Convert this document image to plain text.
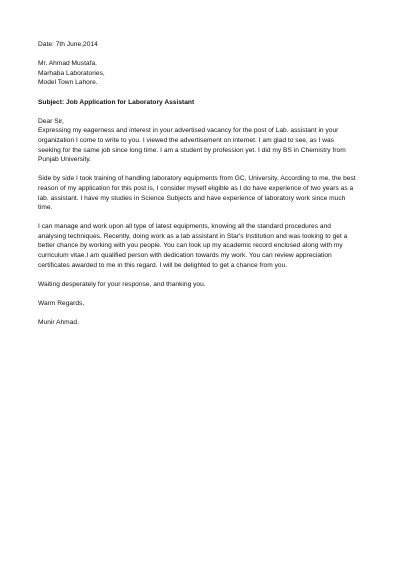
Date: 7th June,2014
Mr. Ahmad Mustafa.
Marhaba Laboratories,
Model Town Lahore.
Subject: Job Application for Laboratory Assistant
Dear Sir,
Expressing my eagerness and interest in your advertised vacancy for the post of Lab. assistant in your
organization I come to write to you. I viewed the advertisement on internet. I am glad to see, as I was
seeking for the same job since long time. I am a student by profession yet. I did my BS in Chemistry from
Punjab University.
Side by side I took training of handling laboratory equipments from GC, University. According to me, the best
reason of my application for this post is, I consider myself eligible as I do have experience of two years as a
lab. assistant. I have my studies in Science Subjects and have experience of laboratory work since much
time.
I can manage and work upon all type of latest equipments, knowing all the standard procedures and
analysing techniques. Recently, doing work as a lab assistant in Star's Institution and was looking to get a
better chance by working with you people. You can look up my academic record enclosed along with my
curriculum vitae.I am qualified person with dedication towards my work. You can review appreciation
certificates awarded to me in this regard. I will be delighted to get a chance from you.
Waiting desperately for your response, and thanking you.
Warm Regards,
Munir Ahmad.
